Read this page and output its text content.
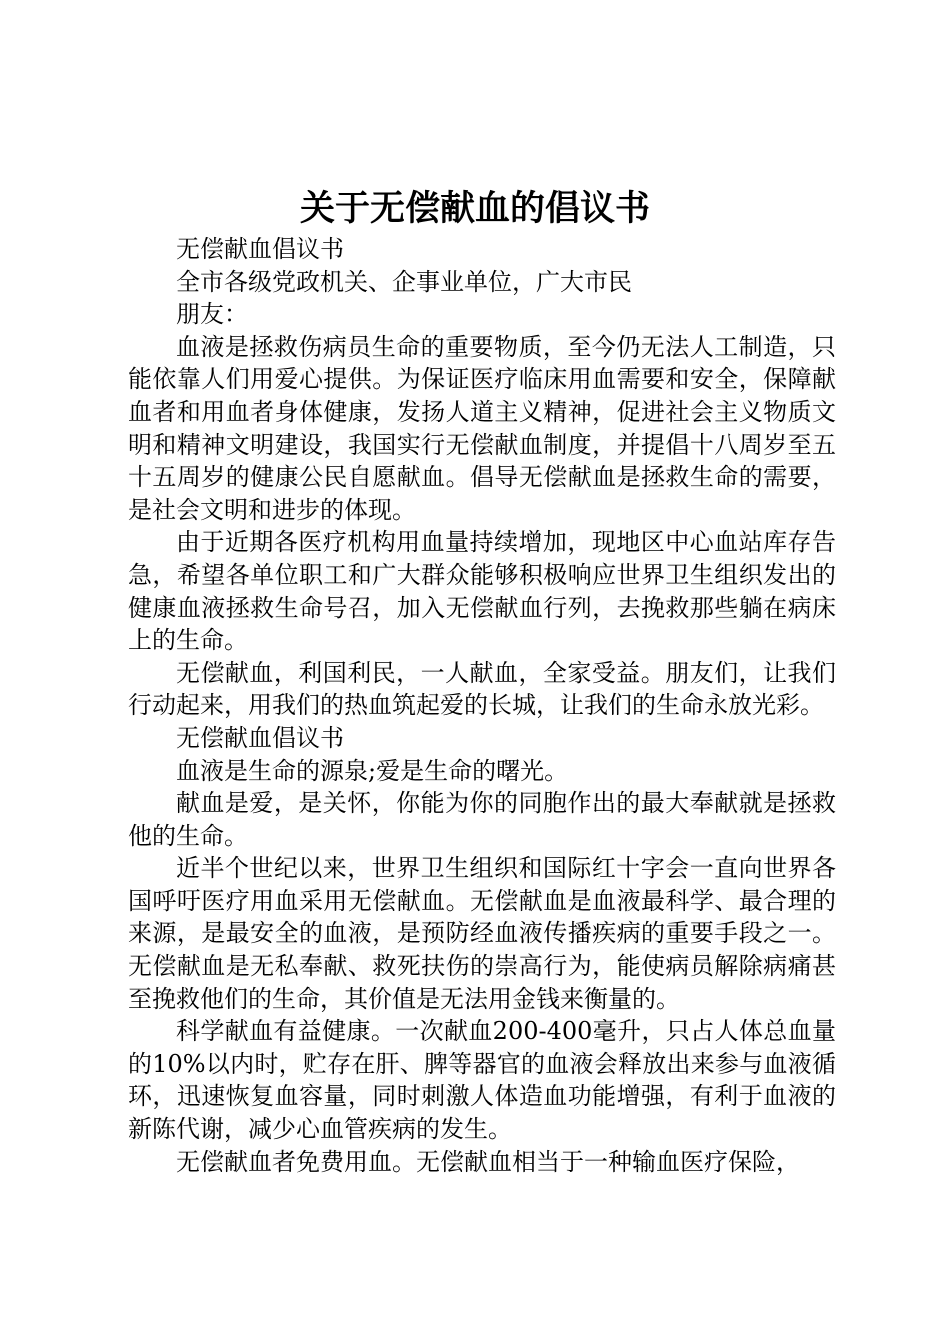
关于无偿献血的倡议书

无偿献血倡议书

全市各级党政机关、企事业单位，广大市民

朋友：

血液是拯救伤病员生命的重要物质，至今仍无法人工制造，只能依靠人们用爱心提供。为保证医疗临床用血需要和安全，保障献血者和用血者身体健康，发扬人道主义精神，促进社会主义物质文明和精神文明建设，我国实行无偿献血制度，并提倡十八周岁至五十五周岁的健康公民自愿献血。倡导无偿献血是拯救生命的需要，是社会文明和进步的体现。

由于近期各医疗机构用血量持续增加，现地区中心血站库存告急，希望各单位职工和广大群众能够积极响应世界卫生组织发出的健康血液拯救生命号召，加入无偿献血行列，去挽救那些躺在病床上的生命。

无偿献血，利国利民，一人献血，全家受益。朋友们，让我们行动起来，用我们的热血筑起爱的长城，让我们的生命永放光彩。

无偿献血倡议书

血液是生命的源泉;爱是生命的曙光。

献血是爱，是关怀，你能为你的同胞作出的最大奉献就是拯救他的生命。

近半个世纪以来，世界卫生组织和国际红十字会一直向世界各国呼吁医疗用血采用无偿献血。无偿献血是血液最科学、最合理的来源，是最安全的血液，是预防经血液传播疾病的重要手段之一。无偿献血是无私奉献、救死扶伤的崇高行为，能使病员解除病痛甚至挽救他们的生命，其价值是无法用金钱来衡量的。

科学献血有益健康。一次献血200-400毫升，只占人体总血量的10%以内时，贮存在肝、脾等器官的血液会释放出来参与血液循环，迅速恢复血容量，同时刺激人体造血功能增强，有利于血液的新陈代谢，减少心血管疾病的发生。

无偿献血者免费用血。无偿献血相当于一种输血医疗保险，
